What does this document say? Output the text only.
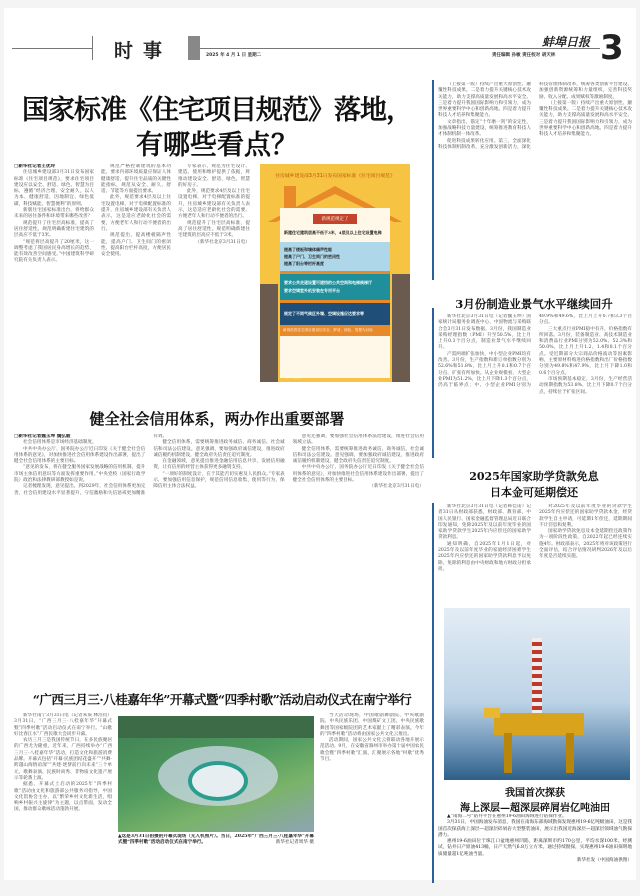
时事	2025 年 4 月 1 日 星期二
蚌埠日报
责任编辑 孙敏 责任校对 胡天林 3
国家标准《住宅项目规范》落地，
有哪些看点？

□新华社记者王优玲

住房城乡建设部3月31日发布国家标准《住宅项目规范》，要求住宅项目建设应以安全、舒适、绿色、智慧为目标，遵循“经济合理、安全耐久，以人为本、健康舒适，因地制宜、绿色低碳，科技赋能、智慧便利”的原则。

新版住宅国家标准出台，将给群众未来的居住条件和环境带来哪些改善？

规范提升了住宅层高标准，提高了居住舒适性。规范明确新建住宅建筑的层高应不低于3米。

“规范将层高提升了20厘米，这一调整考虑了我国居民身高增长的趋势，能有效改善空间感受。”中国建筑科学研究院有关负责人表示。

规范严格控制建筑的基本功能，要求内部环境质量应保证人体健康舒适，提升住宅品质的关键性能指标，规范从安全、耐久、舒适、节能等方面提出要求。

此外，规范要求4层及以上住宅设置电梯，对于电梯配置标准的提升，住房城乡建设部有关负责人表示，这是适应老龄化社会的需要，方便老年人和行动不便者的出行。

规范提出，提高楼板隔声性能，提高户门、卫生间门的密闭性，提高阳台栏杆高度，方便居民安全使用。

专家表示，规范为住宅设计、建造、使用和维护提供了依据，将推动建设安全、舒适、绿色、智慧的好房子。

此外，规范要求4层及以上住宅设置电梯，对于电梯配置标准的提升，住房城乡建设部有关负责人表示，这是适应老龄化社会的需要，方便老年人和行动不便者的出行。

规范提升了住宅层高标准，提高了居住舒适性。规范明确新建住宅建筑的层高应不低于3米。

（新华社北京3月31日电）

住房城乡建设部3月31日发布国家标准《住宅项目规范》
新规范规定了
新建住宅建筑层高不低于3米，4层及以上住宅设置电梯
提高了楼板和墙体隔声性能
提高了户门、卫生间门的密闭性
提高了阳台等栏杆高度
要求公共走道设置可遮挡的公共空间和电梯候梯厅
要求空调室外机安装在专用平台
规定了不同气候区外墙、空调设施应达要求等
新规范将住宅项目建设以安全、舒适、绿色、智慧为目标
新华社发
健全社会信用体系，两办作出重要部署

□新华社记者魏玉坤 魏弘毅

社会信用体系是市场经济基础制度。

中共中央办公厅、国务院办公厅近日印发《关于健全社会信用体系的意见》，对加快推进社会信用体系建设作出部署，提出了健全社会信用体系的主要目标。

“意见的发布，将在健全服务国家发展战略的信用机制、提升市场主体信用意识等方面发挥重要作用。”中央党校（国家行政学院）政治和法律教研部教授如是说。

记者梳理发现，意见提出，到2029年，社会信用体系更加完善，社会信用建设水平显著提升，守信激励和失信惩戒更加精准有效。

健全信用体系，需要统筹推进政务诚信、商务诚信、社会诚信和司法公信建设。意见强调，要加强政府诚信建设，推进政府诚信履约机制建设，健全政府失信责任追究制度。

在金融领域，意见提出推进金融信用信息共享，发展信用融资，让有信用的经营主体获得更多融资支持。

“一项好的制度设计，在于其能否切实惠及人民群众。”专家表示，要加强信用信息保护，规范信用信息收集、使用等行为，保障信用主体合法权益。

意见还强调，要加强社会信用体系法治建设，推进社会信用领域立法。

健全信用体系，需要统筹推进政务诚信、商务诚信、社会诚信和司法公信建设。意见强调，要加强政府诚信建设，推进政府诚信履约机制建设，健全政府失信责任追究制度。

中共中央办公厅、国务院办公厅近日印发《关于健全社会信用体系的意见》，对加快推进社会信用体系建设作出部署，提出了健全社会信用体系的主要目标。

（新华社北京3月31日电）

“广西三月三·八桂嘉年华”开幕式暨“四季村歌”活动启动仪式在南宁举行

新华社南宁3月31日电（记者朱柒 林浩钧）3月31日，“广西三月三·八桂嘉年华”开幕式暨“四季村歌”活动启动仪式在南宁举行。“山歌好比春江水”广西民歌大会同步开幕。

农历三月三是我国传统节日，在多民族聚居的广西尤为隆重。近年来，广西持续举办“广西三月三·八桂嘉年华”活动，打造文化和旅游消费品牌。开幕式包括“开幕·民族团结花盛开”“共舞·跨越山海情谊深”“共建·逐梦前行向未来”三个单元，歌舞表演、民族时尚秀、非物质文化遗产展示等轮番上演。

据悉，开幕式上启动的2025年“四季村歌”活动由文化和旅游部公共服务司指导，中国文化馆协会主办，以“繁荣乡村文化新生活，唱响乡村振兴主旋律”为主题，以点带面，发动全国，推动群众歌咏活动蓬勃开展。

▲这是3月31日拍摄的开幕式现场（无人机照片）。当日，2025年“广西三月三·八桂嘉年华”开幕式暨“四季村歌”活动启动仪式在南宁举行。	新华社记者周华 摄

当天活动现场，中国歌剧舞剧院、中央歌剧院、中央民族乐团、中国煤矿文工团、中央民族歌舞团等国家级院团的艺术家献上了精彩表演。今年的“四季村歌”活动将由国家公共文化云推出。

活动期间，国家公共文化云将联动各地开展示范活动。9月，在安徽省滁州市举办第十届中国农民歌会暨“四季村歌”汇演，汇聚展示各地“村歌”优秀节目。

（上接第一版）持续产出重大原创性、颠覆性科技成果。二是着力提升关键核心技术攻关能力，助力支撑高质量发展和高水平安全。三是着力提升我国国际影响力和引领力，成为世界重要科学中心和创新高地。四是着力提升科技人才培养和集聚能力。

文章指出，锚定“十年磨一剑”的安定性，加强战略科技力量建设，统筹推进教育科技人才体制机制一体改革。

促进科技成果转化应用。第三，全面深化科技体制机制改革，充分激发创新活力，深化科技管理体制改革，统筹各类创新平台建设，加强创新资源统筹和力量组织，完善科技奖励、收入分配、成果赋权等激励制度。

（上接第一版）持续产出重大原创性、颠覆性科技成果。二是着力提升关键核心技术攻关能力，助力支撑高质量发展和高水平安全。三是着力提升我国国际影响力和引领力，成为世界重要科学中心和创新高地。四是着力提升科技人才培养和集聚能力。

3月份制造业景气水平继续回升

新华社北京3月31日电（记者魏玉坤）国家统计局服务业调查中心、中国物流与采购联合会3月31日发布数据，3月份，我国制造业采购经理指数（PMI）升至50.5%，比上月上升0.3个百分点，制造业景气水平继续回升。

产需两端扩张加快，中小型企业PMI均有改善。3月份，生产指数和新订单指数分别为52.6%和51.8%，比上月上升0.1和0.7个百分点，扩张有所加快。从企业规模看，大型企业PMI为51.2%，比上月下降1.3个百分点，仍高于临界点；中、小型企业PMI分别为49.9%和49.6%，比上月上升0.7和3.3个百分点。

三大重点行业PMI稳中有升，价格指数有所回落。3月份，装备制造业、高技术制造业和消费品行业PMI分别为52.0%、52.3%和50.0%，比上月上升1.2、1.4和0.1个百分点。受近期部分大宗商品价格波动等因素影响，主要原材料购进价格指数和出厂价格指数分别为49.8%和47.9%，比上月下降1.0和0.6个百分点。

市场预期基本稳定，3月份，生产经营活动预期指数为53.8%，比上月下降0.7个百分点，持续位于扩张区间。

2025年国家助学贷款免息
日本金可延期偿还

新华社北京3月31日电（记者韩佳诺）记者31日从财政部获悉，财政部、教育部、中国人民银行、国家金融监督管理总局近日联合印发通知，免除2025年及以前年度毕业的国家助学贷款学生2025年内应偿还的国家助学贷款利息。

通知明确，自2025年1月1日起，对2025年及以前年度毕业的家庭经济困难学生2025年内应偿还的国家助学贷款利息予以免除，免除的利息由中央财政和地方财政分担承担。

对2025年及以前年度毕业的贷款学生2025年内应偿还的国家助学贷款本金，经贷款学生自主申请，可延期1年偿还，延期期间不计罚息和复利。

国家助学贷款免息及本金延期偿还政策作为一项阶段性政策，自2022年起已经连续实施4年。财政部表示，2025年将对该政策进行全面评估，结合评估情况研判2026年及以后年度是否延续实施。

我国首次探获
海上深层—超深层碎屑岩亿吨油田

▲“南海二号”钻井平台在惠州19-6油田海域进行钻探作业。

3月31日，中国海油发布消息，我国在南海东部海域勘探发现惠州19-6亿吨级油田，这是我国首次探获海上深层—超深层碎屑岩大型整装油田，展示出我国近海深层—超深层领域油气勘探潜力。

惠州19-6油田位于珠江口盆地惠州凹陷，距离深圳市约170公里，平均水深100米。经测试，钻井日产原油413桶，日产天然气6.8万立方米。通过持续勘探，实现惠州19-6油田探明地质储量超1亿吨油当量。

新华社发（中国海油供图）
